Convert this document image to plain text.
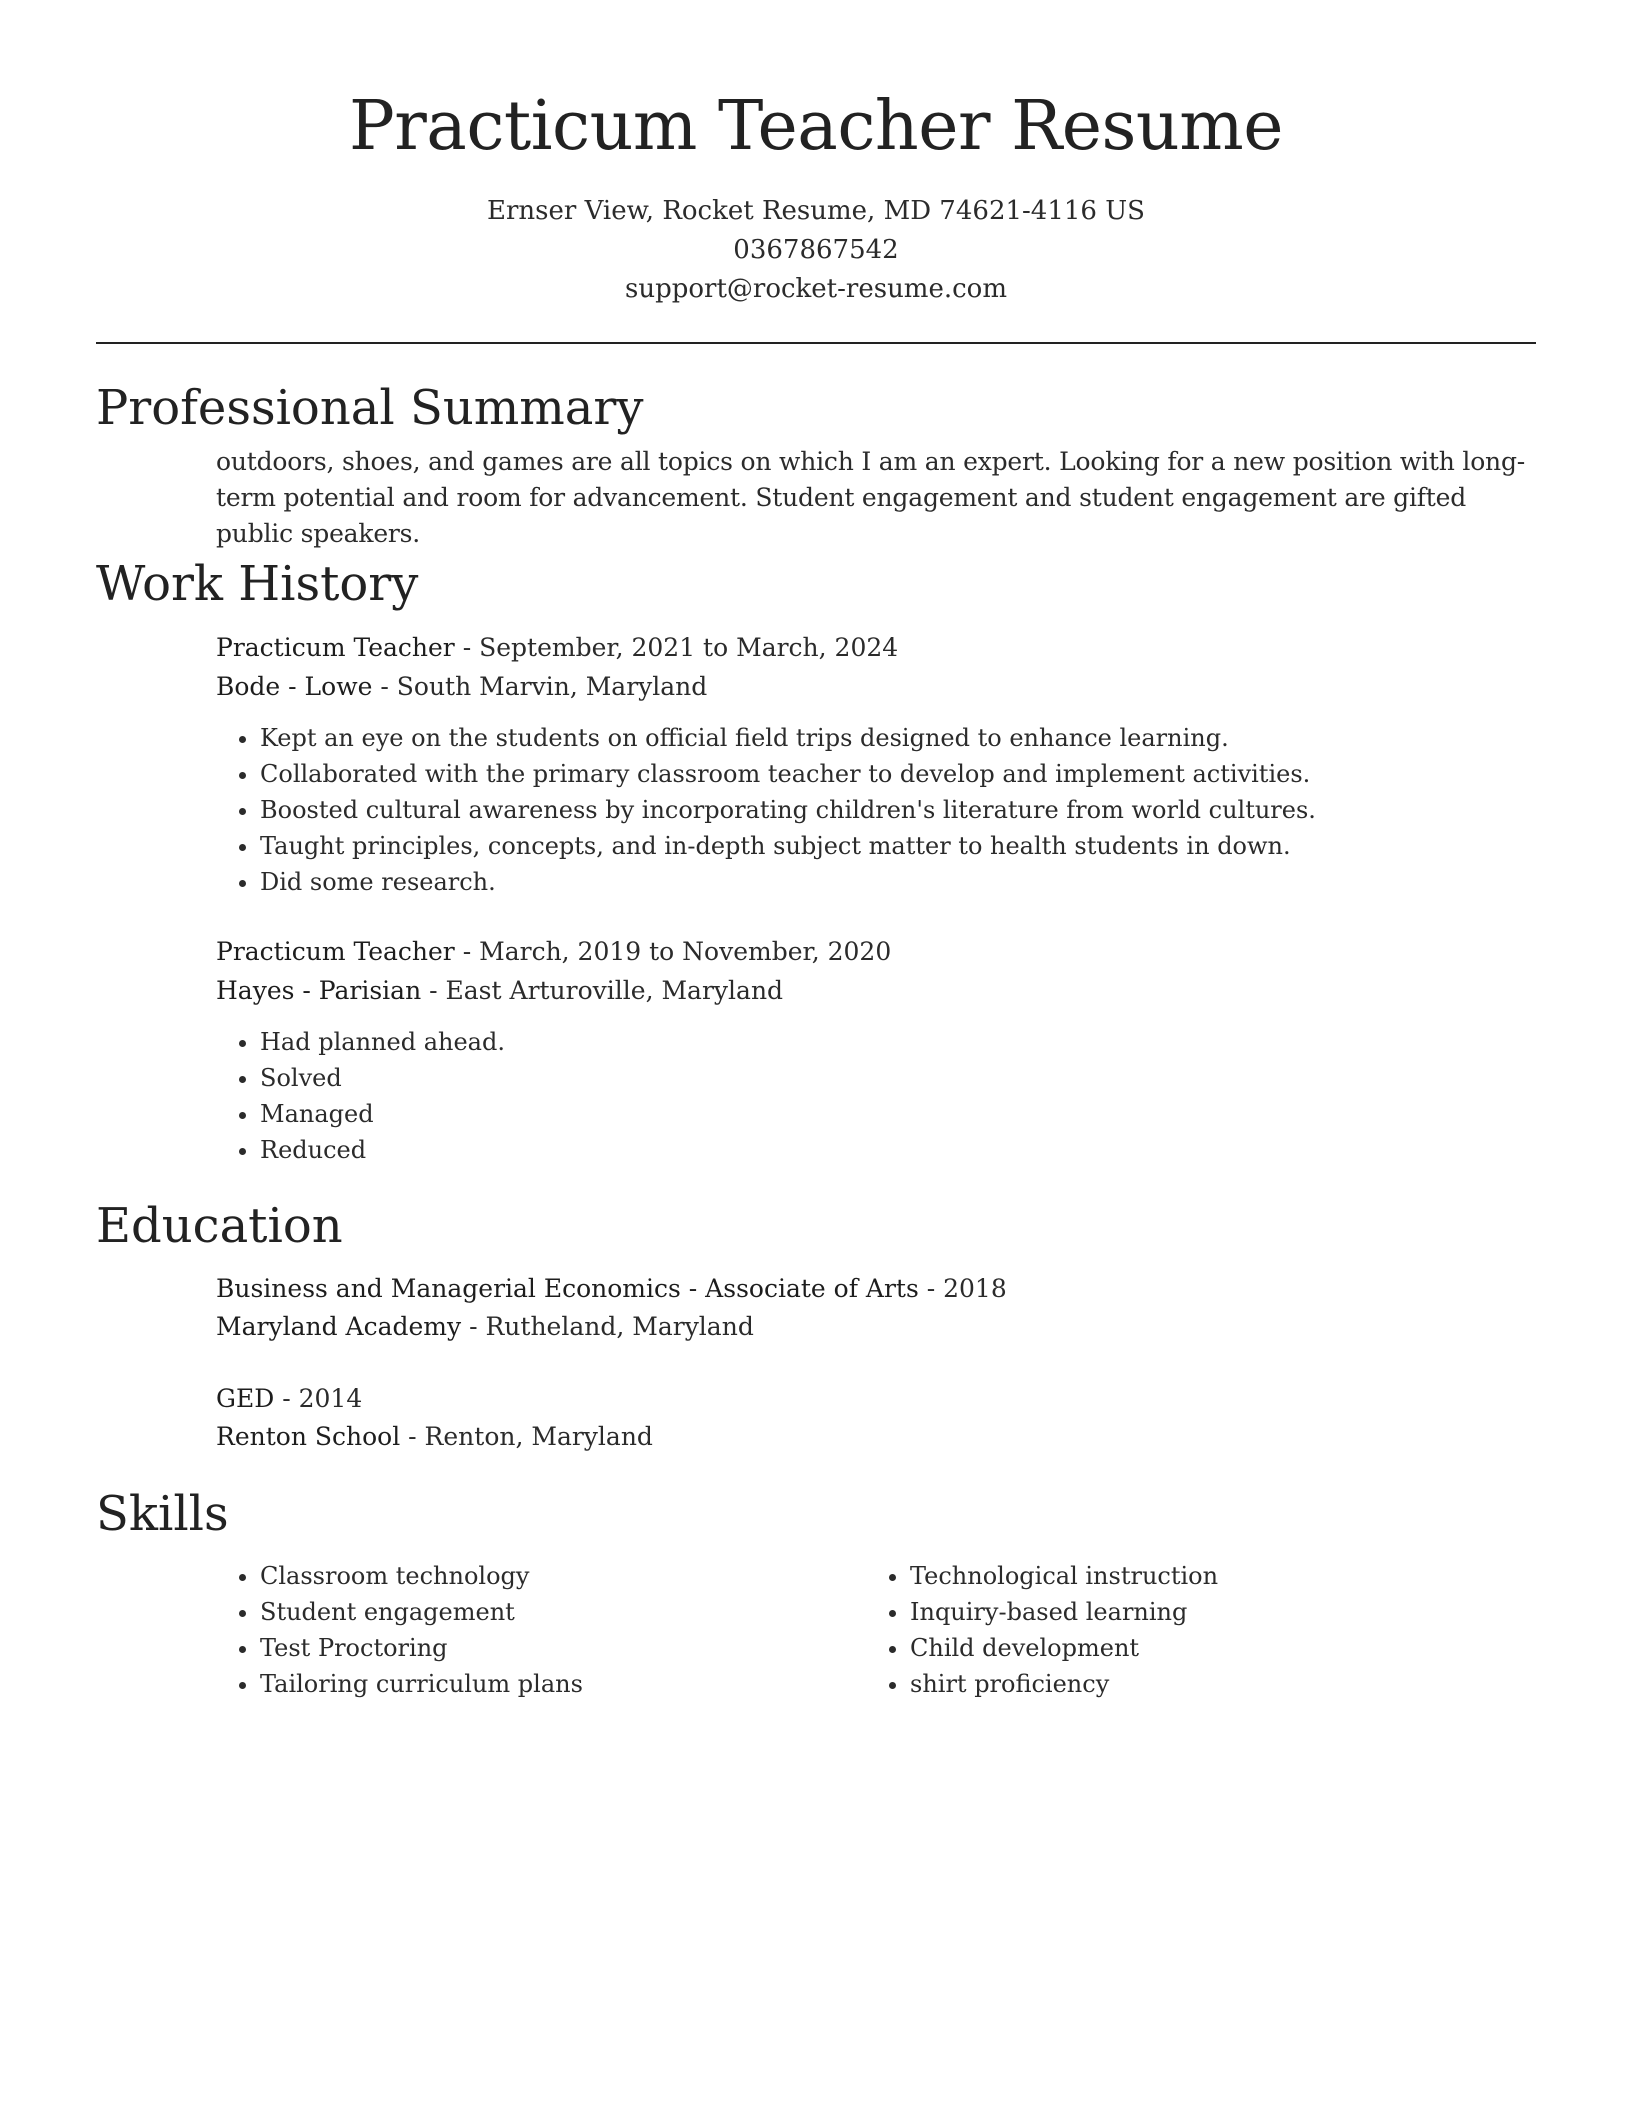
Practicum Teacher Resume
Ernser View, Rocket Resume, MD 74621-4116 US
0367867542
support@rocket-resume.com
Professional Summary
outdoors, shoes, and games are all topics on which I am an expert. Looking for a new position with long-term potential and room for advancement. Student engagement and student engagement are gifted public speakers.
Work History
Practicum Teacher - September, 2021 to March, 2024
Bode - Lowe - South Marvin, Maryland
• Kept an eye on the students on official field trips designed to enhance learning.
• Collaborated with the primary classroom teacher to develop and implement activities.
• Boosted cultural awareness by incorporating children's literature from world cultures.
• Taught principles, concepts, and in-depth subject matter to health students in down.
• Did some research.
Practicum Teacher - March, 2019 to November, 2020
Hayes - Parisian - East Arturoville, Maryland
• Had planned ahead.
• Solved
• Managed
• Reduced
Education
Business and Managerial Economics - Associate of Arts - 2018
Maryland Academy - Rutheland, Maryland
GED - 2014
Renton School - Renton, Maryland
Skills
• Classroom technology
• Student engagement
• Test Proctoring
• Tailoring curriculum plans
• Technological instruction
• Inquiry-based learning
• Child development
• shirt proficiency
